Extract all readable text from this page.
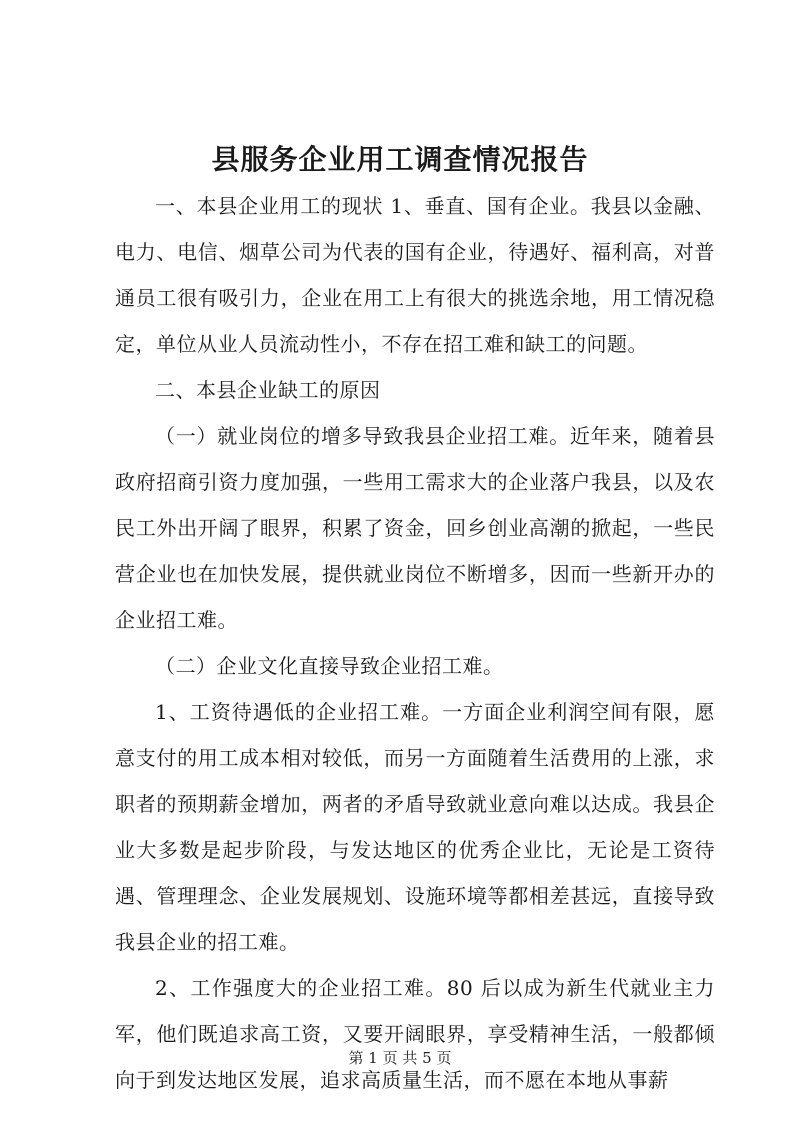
县服务企业用工调查情况报告

一、本县企业用工的现状 1、垂直、国有企业。我县以金融、电力、电信、烟草公司为代表的国有企业，待遇好、福利高，对普通员工很有吸引力，企业在用工上有很大的挑选余地，用工情况稳定，单位从业人员流动性小，不存在招工难和缺工的问题。

二、本县企业缺工的原因

（一）就业岗位的增多导致我县企业招工难。近年来，随着县政府招商引资力度加强，一些用工需求大的企业落户我县，以及农民工外出开阔了眼界，积累了资金，回乡创业高潮的掀起，一些民营企业也在加快发展，提供就业岗位不断增多，因而一些新开办的企业招工难。

（二）企业文化直接导致企业招工难。

1、工资待遇低的企业招工难。一方面企业利润空间有限，愿意支付的用工成本相对较低，而另一方面随着生活费用的上涨，求职者的预期薪金增加，两者的矛盾导致就业意向难以达成。我县企业大多数是起步阶段，与发达地区的优秀企业比，无论是工资待遇、管理理念、企业发展规划、设施环境等都相差甚远，直接导致我县企业的招工难。

2、工作强度大的企业招工难。80 后以成为新生代就业主力军，他们既追求高工资，又要开阔眼界，享受精神生活，一般都倾向于到发达地区发展，追求高质量生活，而不愿在本地从事薪

第 1 页 共 5 页
